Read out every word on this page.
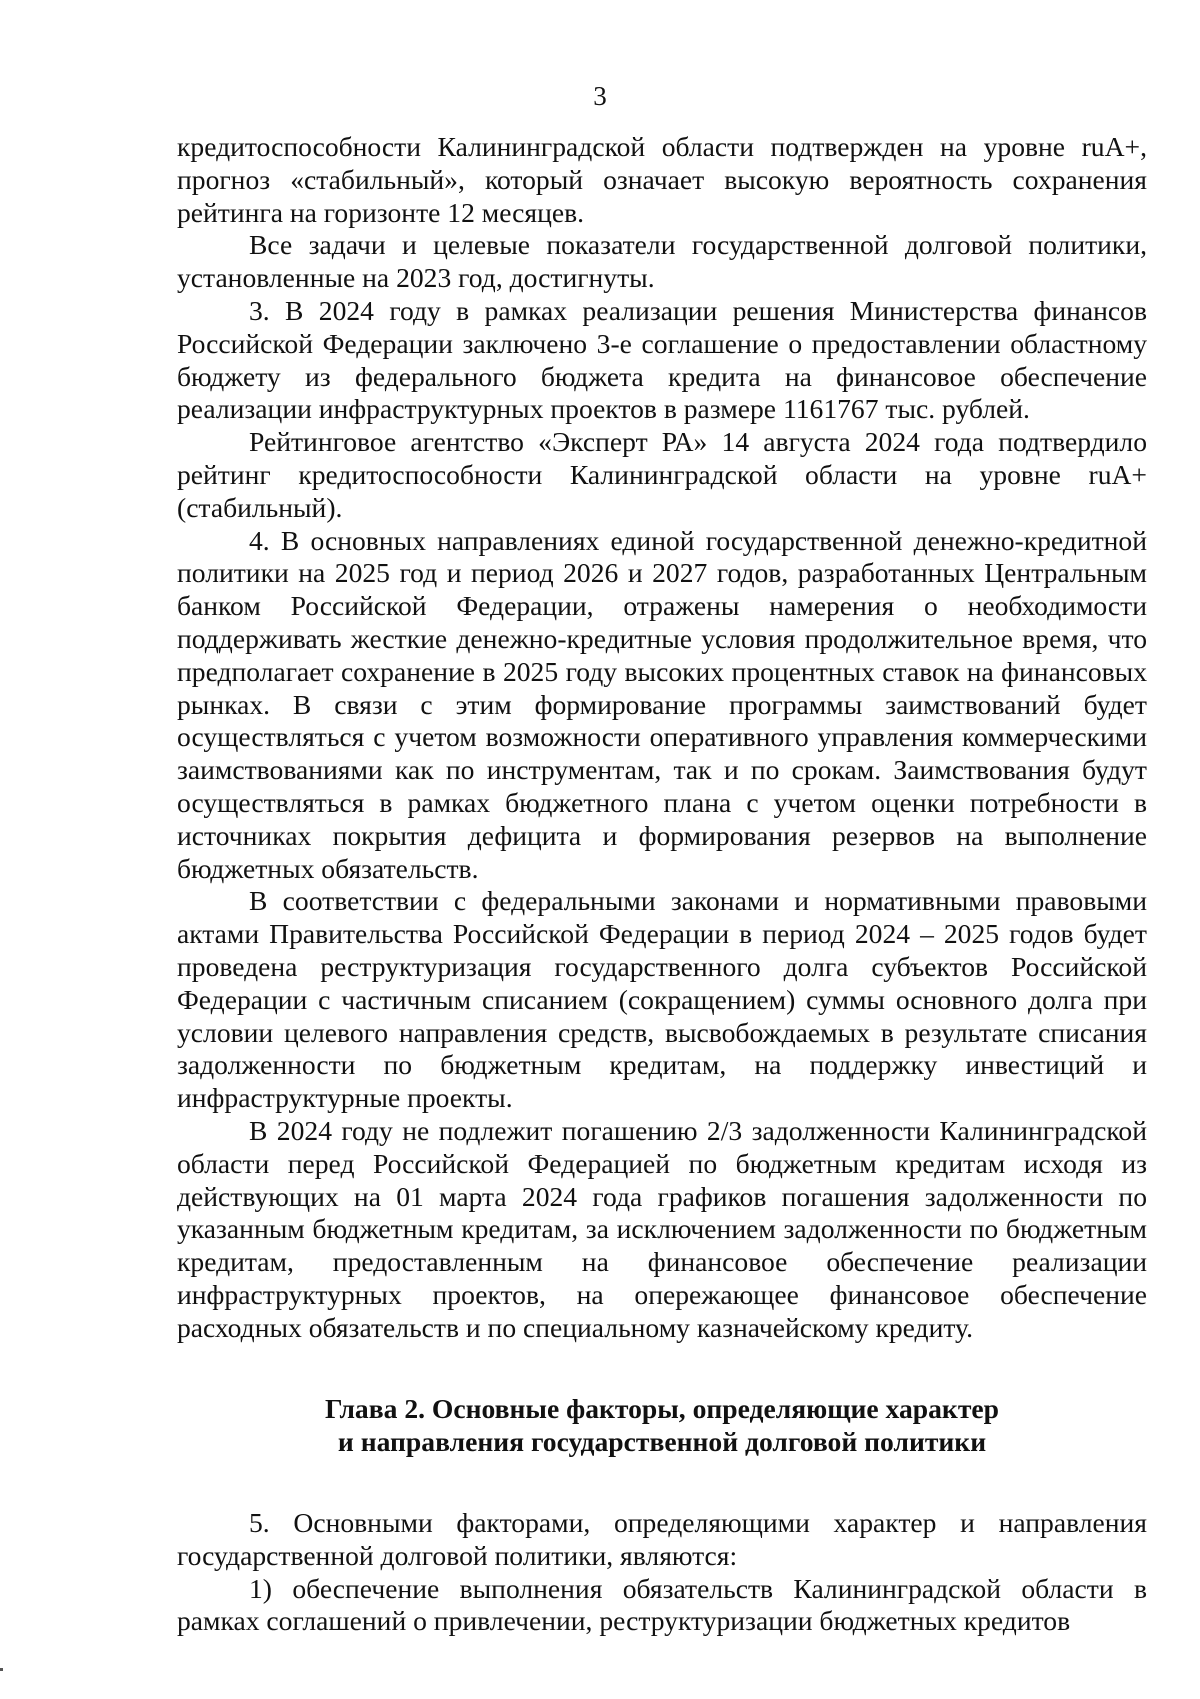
3

кредитоспособности Калининградской области подтвержден на уровне ruA+, прогноз «стабильный», который означает высокую вероятность сохранения рейтинга на горизонте 12 месяцев.

Все задачи и целевые показатели государственной долговой политики, установленные на 2023 год, достигнуты.

3. В 2024 году в рамках реализации решения Министерства финансов Российской Федерации заключено 3-е соглашение о предоставлении областному бюджету из федерального бюджета кредита на финансовое обеспечение реализации инфраструктурных проектов в размере 1161767 тыс. рублей.

Рейтинговое агентство «Эксперт РА» 14 августа 2024 года подтвердило рейтинг кредитоспособности Калининградской области на уровне ruA+ (стабильный).

4. В основных направлениях единой государственной денежно-кредитной политики на 2025 год и период 2026 и 2027 годов, разработанных Центральным банком Российской Федерации, отражены намерения о необходимости поддерживать жесткие денежно-кредитные условия продолжительное время, что предполагает сохранение в 2025 году высоких процентных ставок на финансовых рынках. В связи с этим формирование программы заимствований будет осуществляться с учетом возможности оперативного управления коммерческими заимствованиями как по инструментам, так и по срокам. Заимствования будут осуществляться в рамках бюджетного плана с учетом оценки потребности в источниках покрытия дефицита и формирования резервов на выполнение бюджетных обязательств.

В соответствии с федеральными законами и нормативными правовыми актами Правительства Российской Федерации в период 2024 – 2025 годов будет проведена реструктуризация государственного долга субъектов Российской Федерации с частичным списанием (сокращением) суммы основного долга при условии целевого направления средств, высвобождаемых в результате списания задолженности по бюджетным кредитам, на поддержку инвестиций и инфраструктурные проекты.

В 2024 году не подлежит погашению 2/3 задолженности Калининградской области перед Российской Федерацией по бюджетным кредитам исходя из действующих на 01 марта 2024 года графиков погашения задолженности по указанным бюджетным кредитам, за исключением задолженности по бюджетным кредитам, предоставленным на финансовое обеспечение реализации инфраструктурных проектов, на опережающее финансовое обеспечение расходных обязательств и по специальному казначейскому кредиту.

Глава 2. Основные факторы, определяющие характер
и направления государственной долговой политики

5. Основными факторами, определяющими характер и направления государственной долговой политики, являются:

1) обеспечение выполнения обязательств Калининградской области в рамках соглашений о привлечении, реструктуризации бюджетных кредитов
